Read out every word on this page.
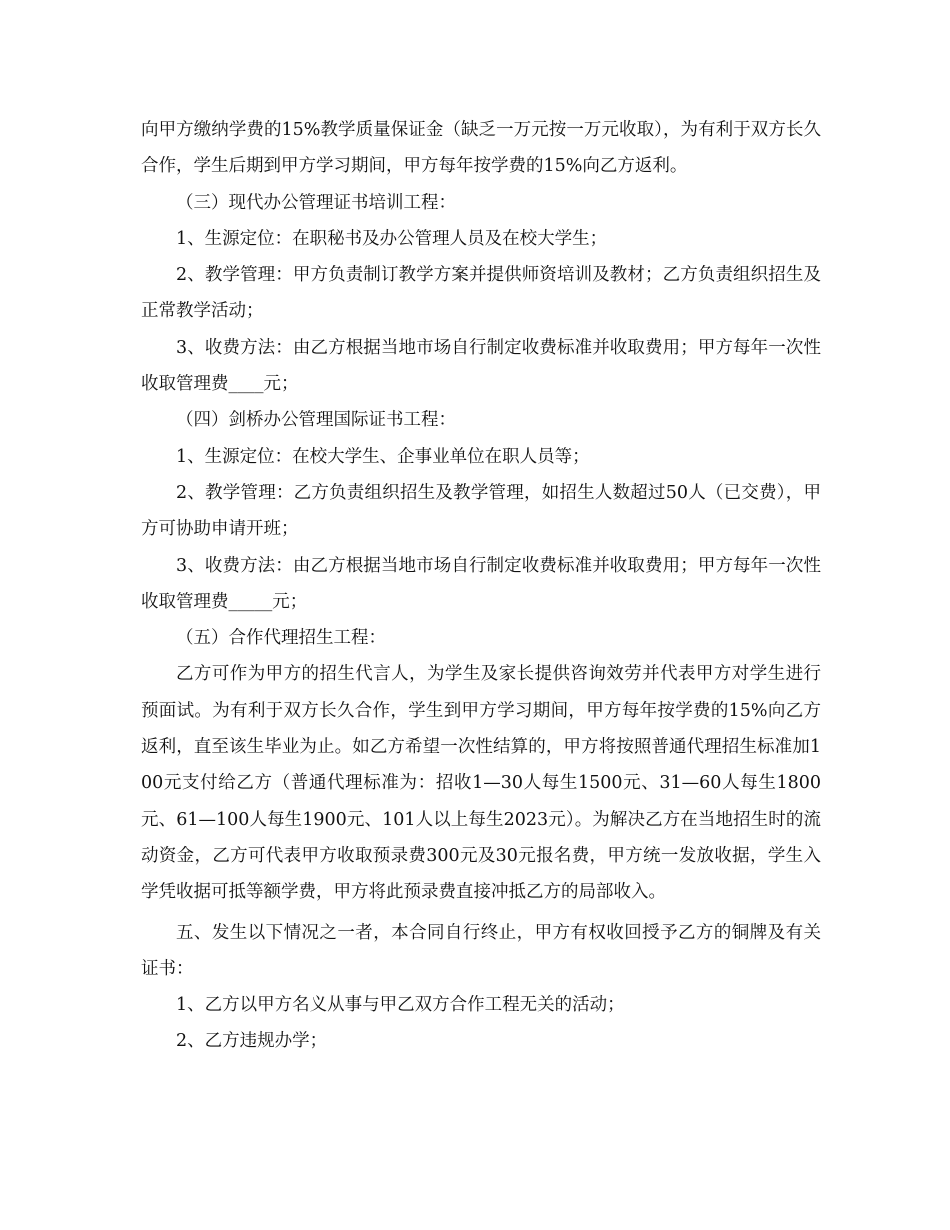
向甲方缴纳学费的15%教学质量保证金（缺乏一万元按一万元收取），为有利于双方长久合作，学生后期到甲方学习期间，甲方每年按学费的15%向乙方返利。

（三）现代办公管理证书培训工程：

1、生源定位：在职秘书及办公管理人员及在校大学生；

2、教学管理：甲方负责制订教学方案并提供师资培训及教材；乙方负责组织招生及正常教学活动；

3、收费方法：由乙方根据当地市场自行制定收费标准并收取费用；甲方每年一次性收取管理费____元；

（四）剑桥办公管理国际证书工程：

1、生源定位：在校大学生、企事业单位在职人员等；

2、教学管理：乙方负责组织招生及教学管理，如招生人数超过50人（已交费），甲方可协助申请开班；

3、收费方法：由乙方根据当地市场自行制定收费标准并收取费用；甲方每年一次性收取管理费_____元；

（五）合作代理招生工程：

乙方可作为甲方的招生代言人，为学生及家长提供咨询效劳并代表甲方对学生进行预面试。为有利于双方长久合作，学生到甲方学习期间，甲方每年按学费的15%向乙方返利，直至该生毕业为止。如乙方希望一次性结算的，甲方将按照普通代理招生标准加100元支付给乙方（普通代理标准为：招收1—30人每生1500元、31—60人每生1800元、61—100人每生1900元、101人以上每生2023元）。为解决乙方在当地招生时的流动资金，乙方可代表甲方收取预录费300元及30元报名费，甲方统一发放收据，学生入学凭收据可抵等额学费，甲方将此预录费直接冲抵乙方的局部收入。

五、发生以下情况之一者，本合同自行终止，甲方有权收回授予乙方的铜牌及有关证书：

1、乙方以甲方名义从事与甲乙双方合作工程无关的活动；

2、乙方违规办学；
